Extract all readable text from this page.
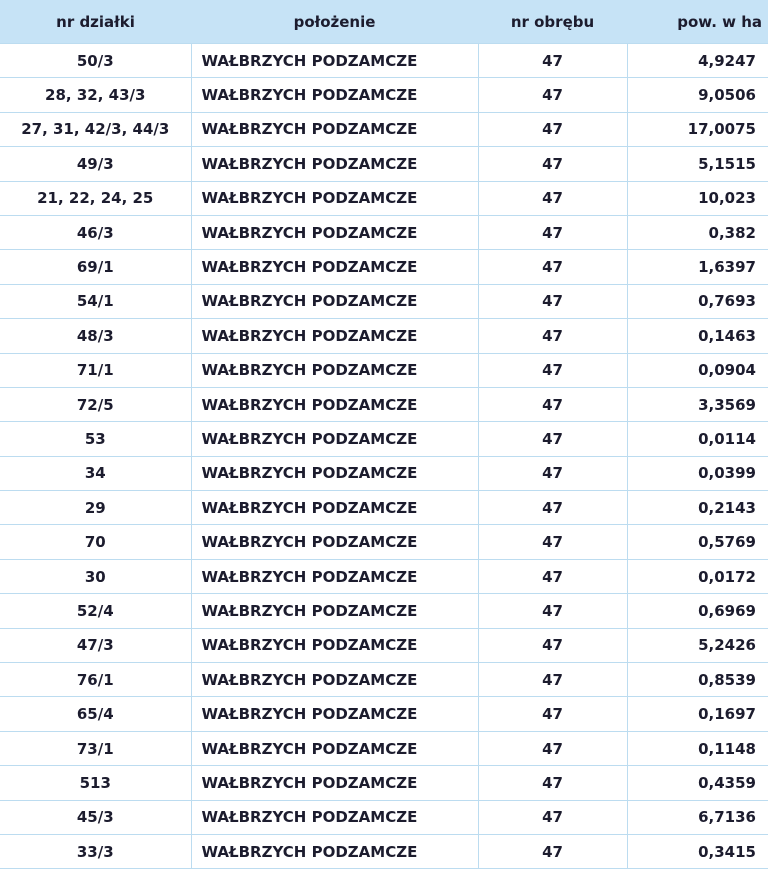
nr działki	położenie	nr obrębu	pow. w ha
50/3	WAŁBRZYCH PODZAMCZE	47	4,9247
28, 32, 43/3	WAŁBRZYCH PODZAMCZE	47	9,0506
27, 31, 42/3, 44/3	WAŁBRZYCH PODZAMCZE	47	17,0075
49/3	WAŁBRZYCH PODZAMCZE	47	5,1515
21, 22, 24, 25	WAŁBRZYCH PODZAMCZE	47	10,023
46/3	WAŁBRZYCH PODZAMCZE	47	0,382
69/1	WAŁBRZYCH PODZAMCZE	47	1,6397
54/1	WAŁBRZYCH PODZAMCZE	47	0,7693
48/3	WAŁBRZYCH PODZAMCZE	47	0,1463
71/1	WAŁBRZYCH PODZAMCZE	47	0,0904
72/5	WAŁBRZYCH PODZAMCZE	47	3,3569
53	WAŁBRZYCH PODZAMCZE	47	0,0114
34	WAŁBRZYCH PODZAMCZE	47	0,0399
29	WAŁBRZYCH PODZAMCZE	47	0,2143
70	WAŁBRZYCH PODZAMCZE	47	0,5769
30	WAŁBRZYCH PODZAMCZE	47	0,0172
52/4	WAŁBRZYCH PODZAMCZE	47	0,6969
47/3	WAŁBRZYCH PODZAMCZE	47	5,2426
76/1	WAŁBRZYCH PODZAMCZE	47	0,8539
65/4	WAŁBRZYCH PODZAMCZE	47	0,1697
73/1	WAŁBRZYCH PODZAMCZE	47	0,1148
513	WAŁBRZYCH PODZAMCZE	47	0,4359
45/3	WAŁBRZYCH PODZAMCZE	47	6,7136
33/3	WAŁBRZYCH PODZAMCZE	47	0,3415
